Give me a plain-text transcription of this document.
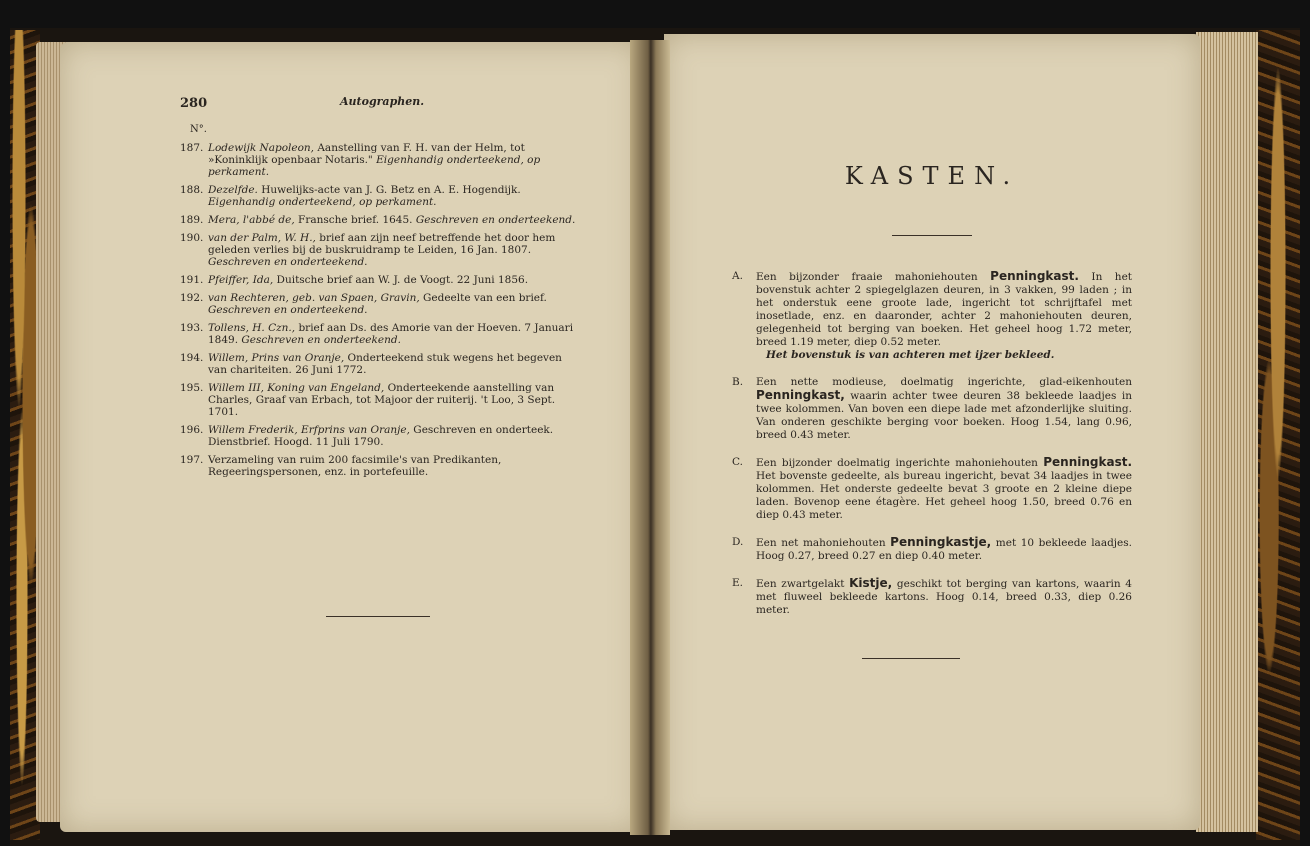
280	Autographen.
N°.
187. Lodewijk Napoleon, Aanstelling van F. H. van der Helm, tot »Koninklijk openbaar Notaris." Eigenhandig onderteekend, op perkament.
188. Dezelfde. Huwelijks-acte van J. G. Betz en A. E. Hogendijk. Eigenhandig onderteekend, op perkament.
189. Mera, l'abbé de, Fransche brief. 1645. Geschreven en onderteekend.
190. van der Palm, W. H., brief aan zijn neef betreffende het door hem geleden verlies bij de buskruidramp te Leiden, 16 Jan. 1807. Geschreven en onderteekend.
191. Pfeiffer, Ida, Duitsche brief aan W. J. de Voogt. 22 Juni 1856.
192. van Rechteren, geb. van Spaen, Gravin, Gedeelte van een brief. Geschreven en onderteekend.
193. Tollens, H. Czn., brief aan Ds. des Amorie van der Hoeven. 7 Januari 1849. Geschreven en onderteekend.
194. Willem, Prins van Oranje, Onderteekend stuk wegens het begeven van chariteiten. 26 Juni 1772.
195. Willem III, Koning van Engeland, Onderteekende aanstelling van Charles, Graaf van Erbach, tot Majoor der ruiterij. 't Loo, 3 Sept. 1701.
196. Willem Frederik, Erfprins van Oranje, Geschreven en onderteek. Dienstbrief. Hoogd. 11 Juli 1790.
197. Verzameling van ruim 200 facsimile's van Predikanten, Regeeringspersonen, enz. in portefeuille.
KASTEN.
A.	Een bijzonder fraaie mahoniehouten Penningkast. In het bovenstuk achter 2 spiegelglazen deuren, in 3 vakken, 99 laden ; in het onderstuk eene groote lade, ingericht tot schrijftafel met inosetlade, enz. en daaronder, achter 2 mahoniehouten deuren, gelegenheid tot berging van boeken. Het geheel hoog 1.72 meter, breed 1.19 meter, diep 0.52 meter.
Het bovenstuk is van achteren met ijzer bekleed.
B.	Een nette modieuse, doelmatig ingerichte, glad-eikenhouten Penningkast, waarin achter twee deuren 38 bekleede laadjes in twee kolommen. Van boven een diepe lade met afzonderlijke sluiting. Van onderen geschikte berging voor boeken. Hoog 1.54, lang 0.96, breed 0.43 meter.
C.	Een bijzonder doelmatig ingerichte mahoniehouten Penningkast. Het bovenste gedeelte, als bureau ingericht, bevat 34 laadjes in twee kolommen. Het onderste gedeelte bevat 3 groote en 2 kleine diepe laden. Bovenop eene étagère. Het geheel hoog 1.50, breed 0.76 en diep 0.43 meter.
D.	Een net mahoniehouten Penningkastje, met 10 bekleede laadjes. Hoog 0.27, breed 0.27 en diep 0.40 meter.
E.	Een zwartgelakt Kistje, geschikt tot berging van kartons, waarin 4 met fluweel bekleede kartons. Hoog 0.14, breed 0.33, diep 0.26 meter.
